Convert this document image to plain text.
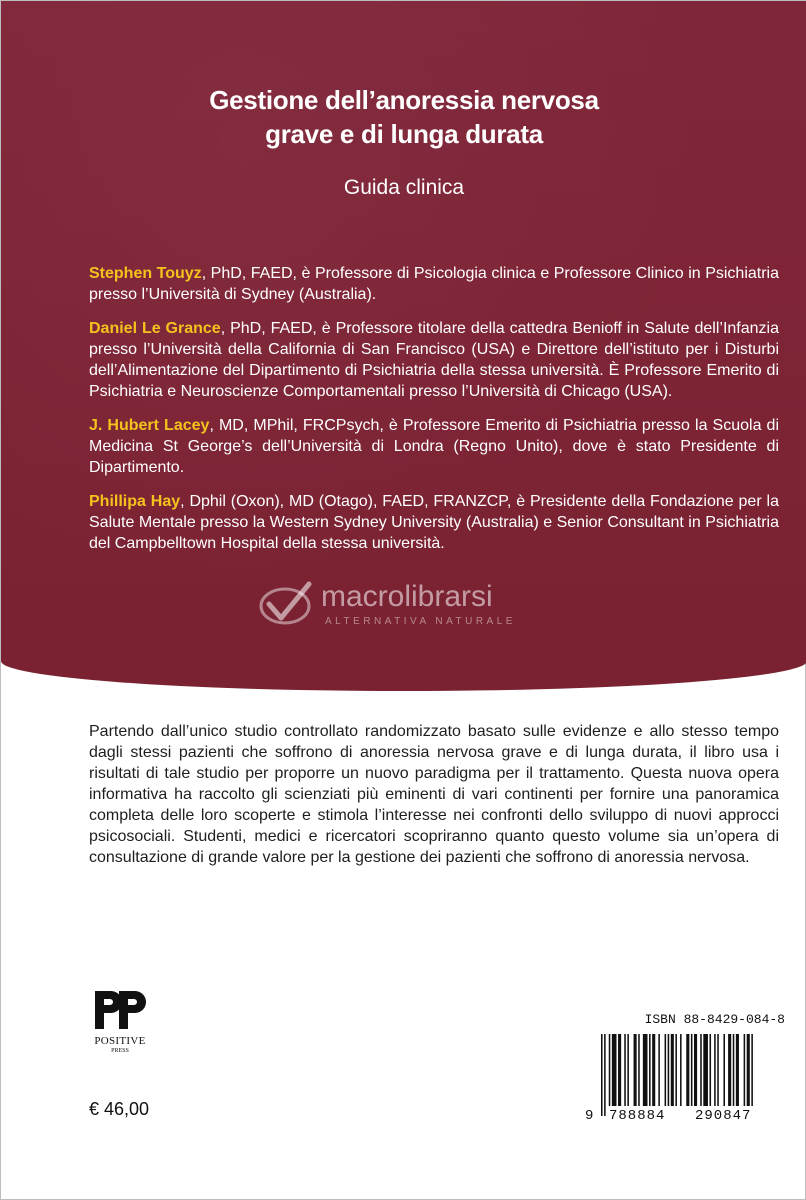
Gestione dell’anoressia nervosa
grave e di lunga durata
Guida clinica

Stephen Touyz, PhD, FAED, è Professore di Psicologia clinica e Professore Clinico in Psichiatria presso l’Università di Sydney (Australia).

Daniel Le Grance, PhD, FAED, è Professore titolare della cattedra Benioff in Salute dell’Infanzia presso l’Università della California di San Francisco (USA) e Direttore dell’istituto per i Disturbi dell’Alimentazione del Dipartimento di Psichiatria della stessa università. È Professore Emerito di Psichiatria e Neuroscienze Comportamentali presso l’Università di Chicago (USA).

J. Hubert Lacey, MD, MPhil, FRCPsych, è Professore Emerito di Psichiatria presso la Scuola di Medicina St George’s dell’Università di Londra (Regno Unito), dove è stato Presidente di Dipartimento.

Phillipa Hay, Dphil (Oxon), MD (Otago), FAED, FRANZCP, è Presidente della Fondazione per la Salute Mentale presso la Western Sydney University (Australia) e Senior Consultant in Psichiatria del Campbelltown Hospital della stessa università.

macrolibrarsi
ALTERNATIVA NATURALE

Partendo dall’unico studio controllato randomizzato basato sulle evidenze e allo stesso tempo dagli stessi pazienti che soffrono di anoressia nervosa grave e di lunga durata, il libro usa i risultati di tale studio per proporre un nuovo paradigma per il trattamento. Questa nuova opera informativa ha raccolto gli scienziati più eminenti di vari continenti per fornire una panoramica completa delle loro scoperte e stimola l’interesse nei confronti dello sviluppo di nuovi approcci psicosociali. Studenti, medici e ricercatori scopriranno quanto questo volume sia un’opera di consultazione di grande valore per la gestione dei pazienti che soffrono di anoressia nervosa.

POSITIVE
PRESS
€ 46,00
ISBN 88-8429-084-8
9 788884 290847
